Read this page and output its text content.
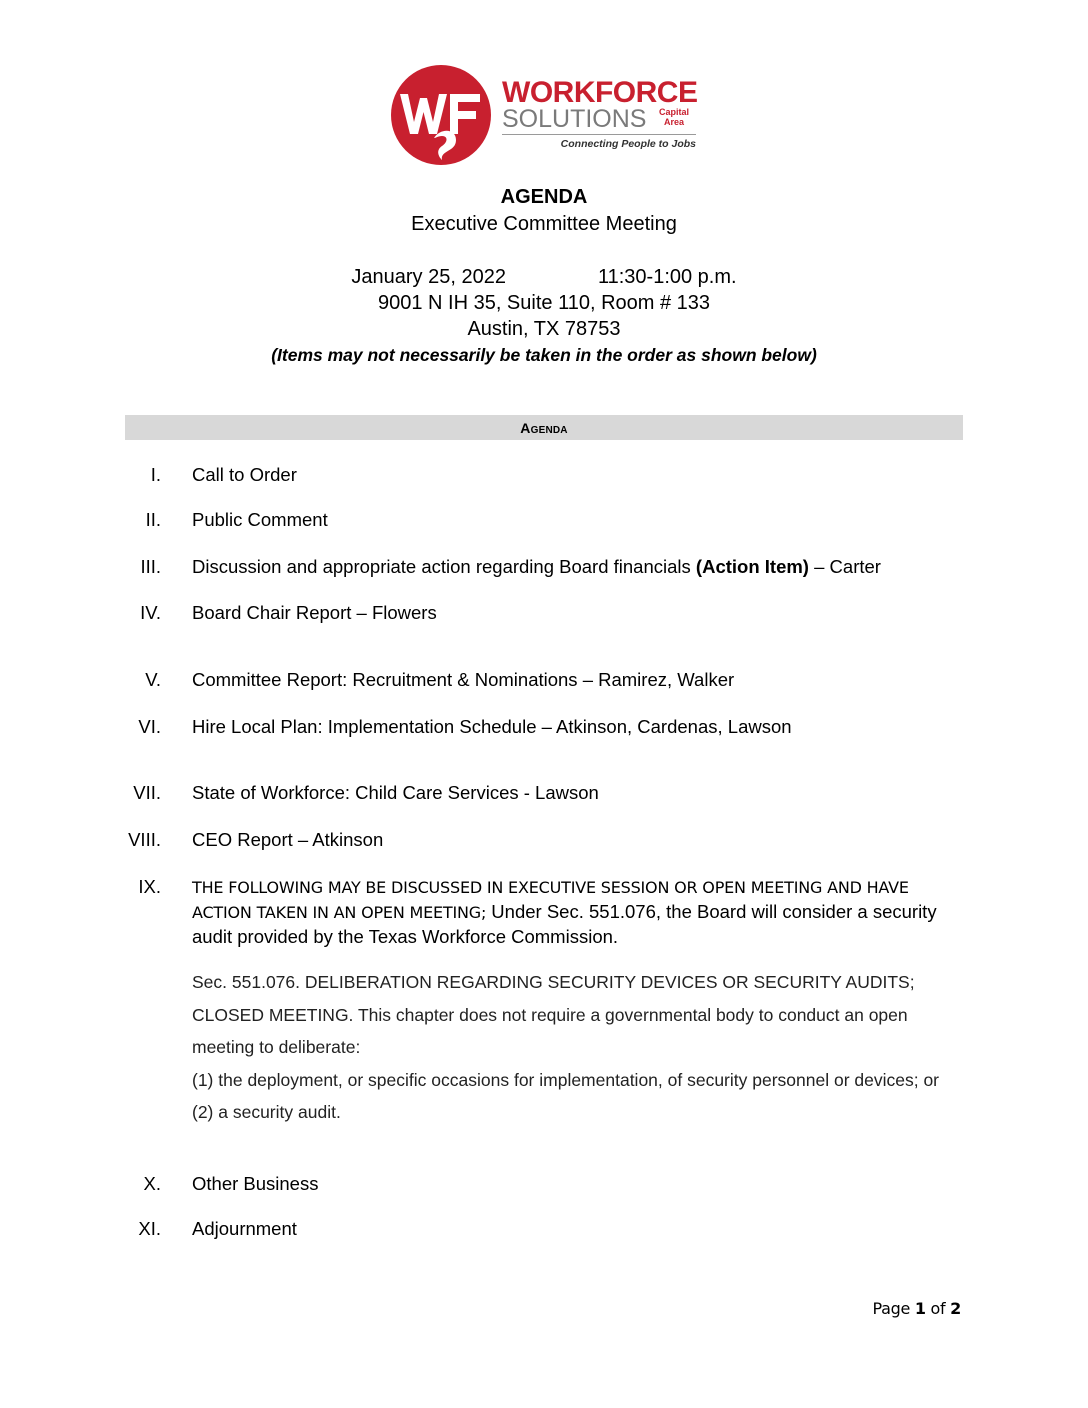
WORKFORCE
SOLUTIONS	Capital Area
Connecting People to Jobs
AGENDA
Executive Committee Meeting
January 25, 2022	11:30-1:00 p.m.
9001 N IH 35, Suite 110, Room # 133
Austin, TX 78753
(Items may not necessarily be taken in the order as shown below)
Agenda
I. Call to Order
II. Public Comment
III. Discussion and appropriate action regarding Board financials (Action Item) – Carter
IV. Board Chair Report – Flowers
V. Committee Report: Recruitment & Nominations – Ramirez, Walker
VI. Hire Local Plan: Implementation Schedule – Atkinson, Cardenas, Lawson
VII. State of Workforce: Child Care Services - Lawson
VIII. CEO Report – Atkinson
IX. THE FOLLOWING MAY BE DISCUSSED IN EXECUTIVE SESSION OR OPEN MEETING AND HAVE ACTION TAKEN IN AN OPEN MEETING; Under Sec. 551.076, the Board will consider a security audit provided by the Texas Workforce Commission.

Sec. 551.076. DELIBERATION REGARDING SECURITY DEVICES OR SECURITY AUDITS; CLOSED MEETING. This chapter does not require a governmental body to conduct an open meeting to deliberate:

(1) the deployment, or specific occasions for implementation, of security personnel or devices; or

(2) a security audit.

X. Other Business
XI. Adjournment
Page 1 of 2
